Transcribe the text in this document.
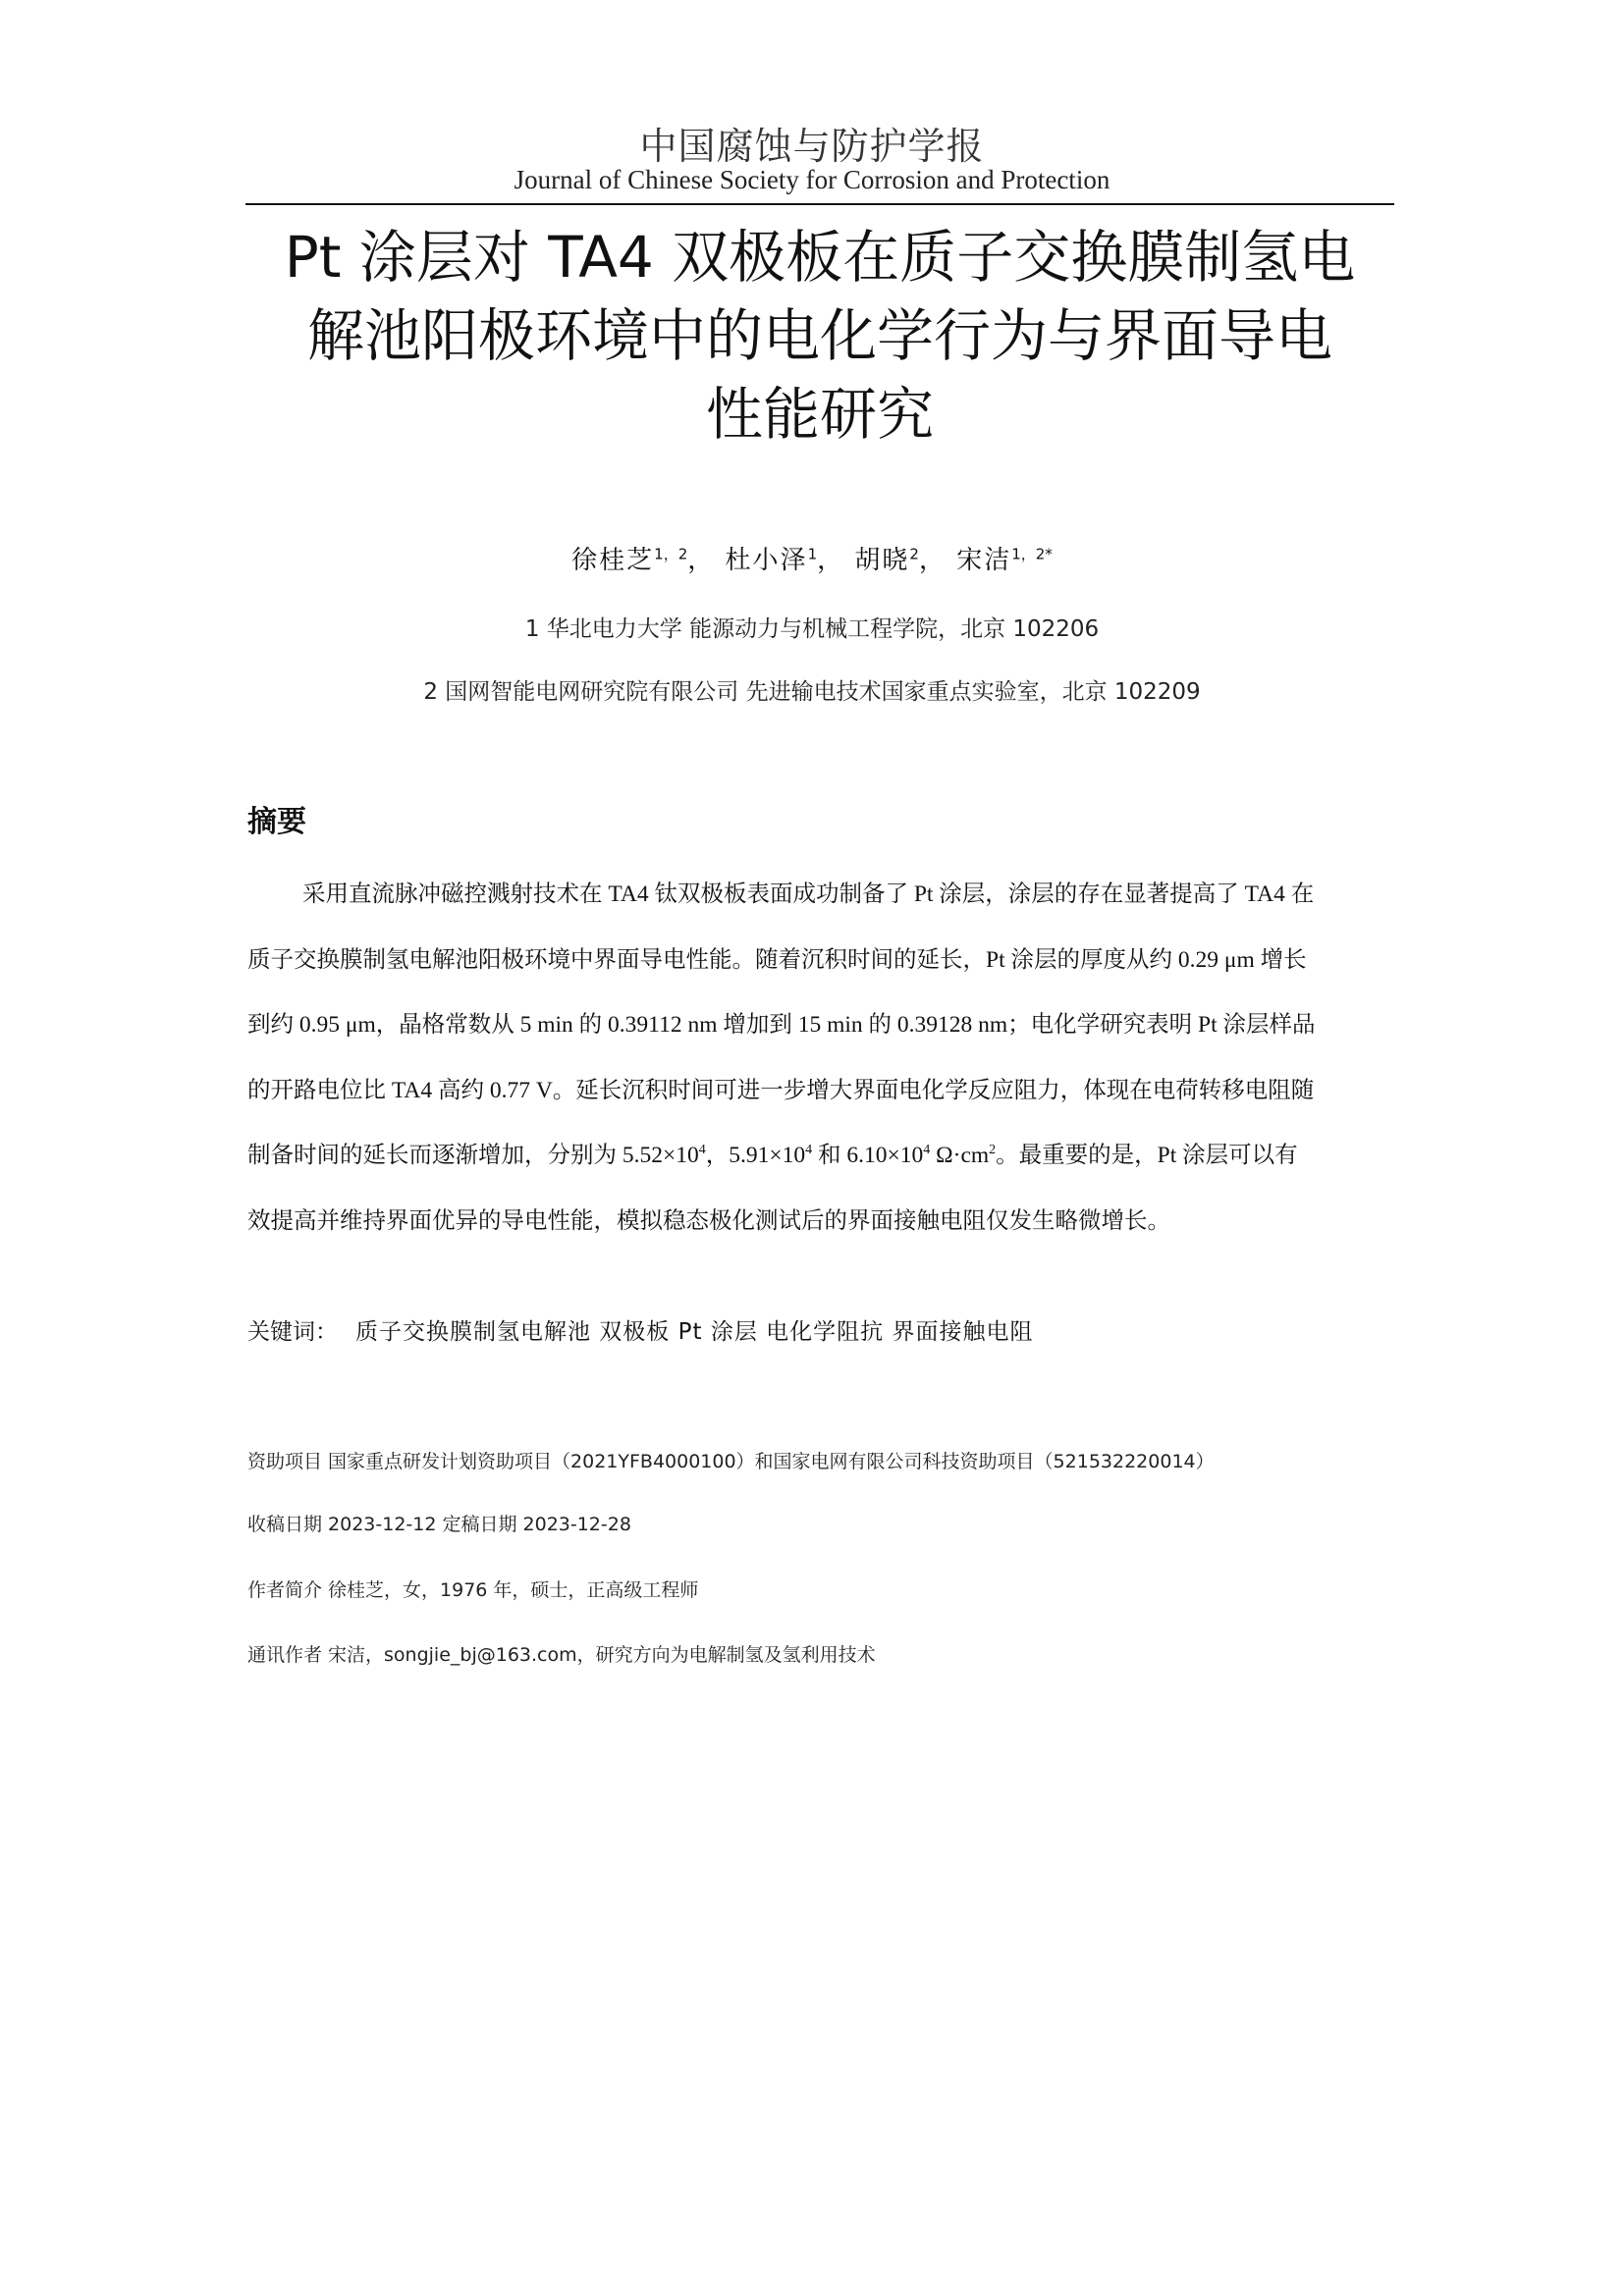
中国腐蚀与防护学报
Journal of Chinese Society for Corrosion and Protection
Pt 涂层对 TA4 双极板在质子交换膜制氢电
解池阳极环境中的电化学行为与界面导电
性能研究
徐桂芝$^{1,2}$， 杜小泽$^1$， 胡晓$^2$， 宋洁$^{1,2*}$
1 华北电力大学 能源动力与机械工程学院，北京 102206
2 国网智能电网研究院有限公司 先进输电技术国家重点实验室，北京 102209
摘要
采用直流脉冲磁控溅射技术在 TA4 钛双极板表面成功制备了 Pt 涂层，涂层的存在显著提高了 TA4 在
质子交换膜制氢电解池阳极环境中界面导电性能。随着沉积时间的延长，Pt 涂层的厚度从约 0.29 μm 增长
到约 0.95 μm，晶格常数从 5 min 的 0.39112 nm 增加到 15 min 的 0.39128 nm；电化学研究表明 Pt 涂层样品
的开路电位比 TA4 高约 0.77 V。延长沉积时间可进一步增大界面电化学反应阻力，体现在电荷转移电阻随
制备时间的延长而逐渐增加，分别为 $5.52\times 10^4$，$5.91\times 10^4$ 和 $6.10\times 10^4$ $\Omega\cdot cm^2$。最重要的是，Pt 涂层可以有
效提高并维持界面优异的导电性能，模拟稳态极化测试后的界面接触电阻仅发生略微增长。
关键词： 质子交换膜制氢电解池 双极板 Pt 涂层 电化学阻抗 界面接触电阻
资助项目 国家重点研发计划资助项目（2021YFB4000100）和国家电网有限公司科技资助项目（521532220014）
收稿日期 2023-12-12 定稿日期 2023-12-28
作者简介 徐桂芝，女，1976 年，硕士，正高级工程师
通讯作者 宋洁，songjie_bj@163.com，研究方向为电解制氢及氢利用技术
